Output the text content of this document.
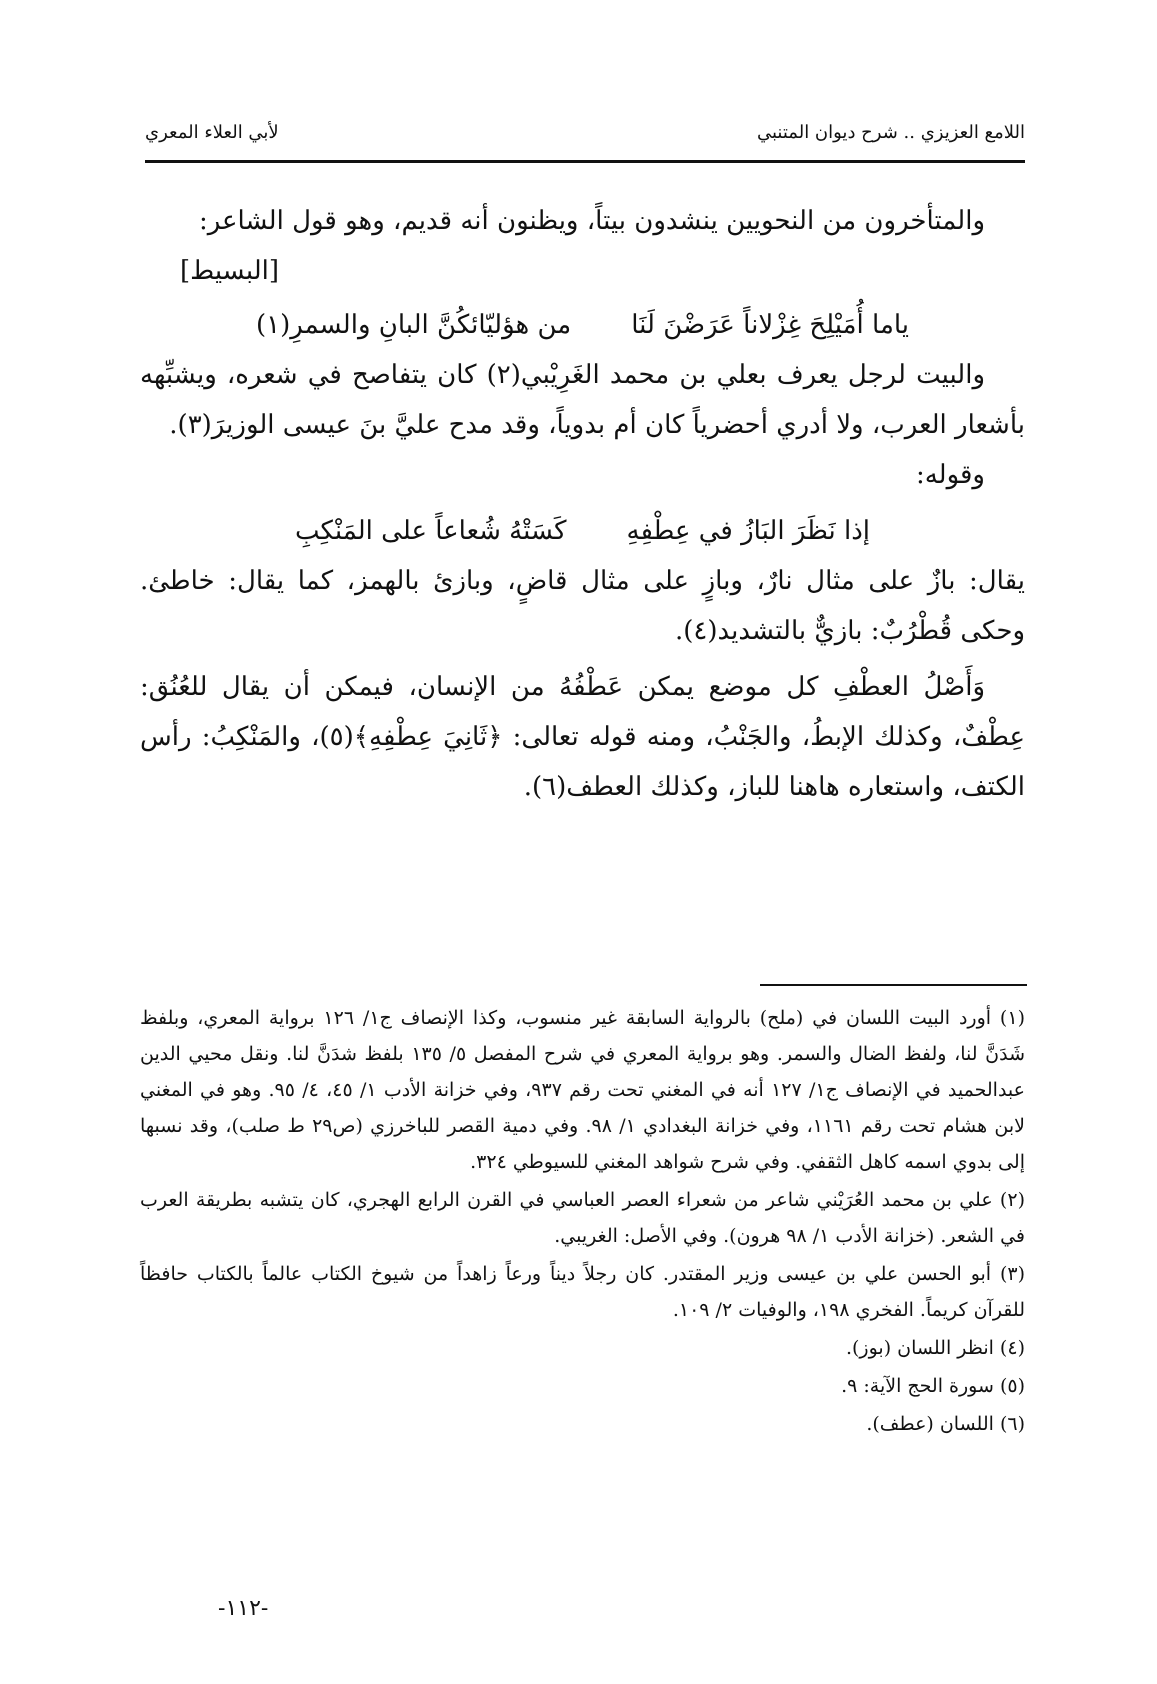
اللامع العزيزي .. شرح ديوان المتنبي
لأبي العلاء المعري

والمتأخرون من النحويين ينشدون بيتاً، ويظنون أنه قديم، وهو قول الشاعر:

[البسيط]
ياما أُمَيْلِحَ غِزْلاناً عَرَضْنَ لَنَا
من هؤليّائكُنَّ البانِ والسمرِ(١)

والبيت لرجل يعرف بعلي بن محمد الغَرِيْبي(٢) كان يتفاصح في شعره، ويشبِّهه بأشعار العرب، ولا أدري أحضرياً كان أم بدوياً، وقد مدح عليَّ بنَ عيسى الوزيرَ(٣).

وقوله:

إذا نَظَرَ البَازُ في عِطْفِهِ
كَسَتْهُ شُعاعاً على المَنْكِبِ

يقال: بازٌ على مثال نارٌ، وبازٍ على مثال قاضٍ، وبازئ بالهمز، كما يقال: خاطئ. وحكى قُطْرُبٌ: بازيٌّ بالتشديد(٤).

وَأَصْلُ العطْفِ كل موضع يمكن عَطْفُهُ من الإنسان، فيمكن أن يقال للعُنُق: عِطْفٌ، وكذلك الإبطُ، والجَنْبُ، ومنه قوله تعالى: ﴿ثَانِيَ عِطْفِهِ﴾(٥)، والمَنْكِبُ: رأس الكتف، واستعاره هاهنا للباز، وكذلك العطف(٦).

(١) أورد البيت اللسان في (ملح) بالرواية السابقة غير منسوب، وكذا الإنصاف ج١/ ١٢٦ برواية المعري، وبلفظ شَدَنَّ لنا، ولفظ الضال والسمر. وهو برواية المعري في شرح المفصل ٥/ ١٣٥ بلفظ شدَنَّ لنا. ونقل محيي الدين عبدالحميد في الإنصاف ج١/ ١٢٧ أنه في المغني تحت رقم ٩٣٧، وفي خزانة الأدب ١/ ٤٥، ٤/ ٩٥. وهو في المغني لابن هشام تحت رقم ١١٦١، وفي خزانة البغدادي ١/ ٩٨. وفي دمية القصر للباخرزي (ص٢٩ ط صلب)، وقد نسبها إلى بدوي اسمه كاهل الثقفي. وفي شرح شواهد المغني للسيوطي ٣٢٤.

(٢) علي بن محمد العُرَيْني شاعر من شعراء العصر العباسي في القرن الرابع الهجري، كان يتشبه بطريقة العرب في الشعر. (خزانة الأدب ١/ ٩٨ هرون). وفي الأصل: الغريبي.

(٣) أبو الحسن علي بن عيسى وزير المقتدر. كان رجلاً ديناً ورعاً زاهداً من شيوخ الكتاب عالماً بالكتاب حافظاً للقرآن كريماً. الفخري ١٩٨، والوفيات ٢/ ١٠٩.

(٤) انظر اللسان (بوز).

(٥) سورة الحج الآية: ٩.

(٦) اللسان (عطف).

-١١٢-
